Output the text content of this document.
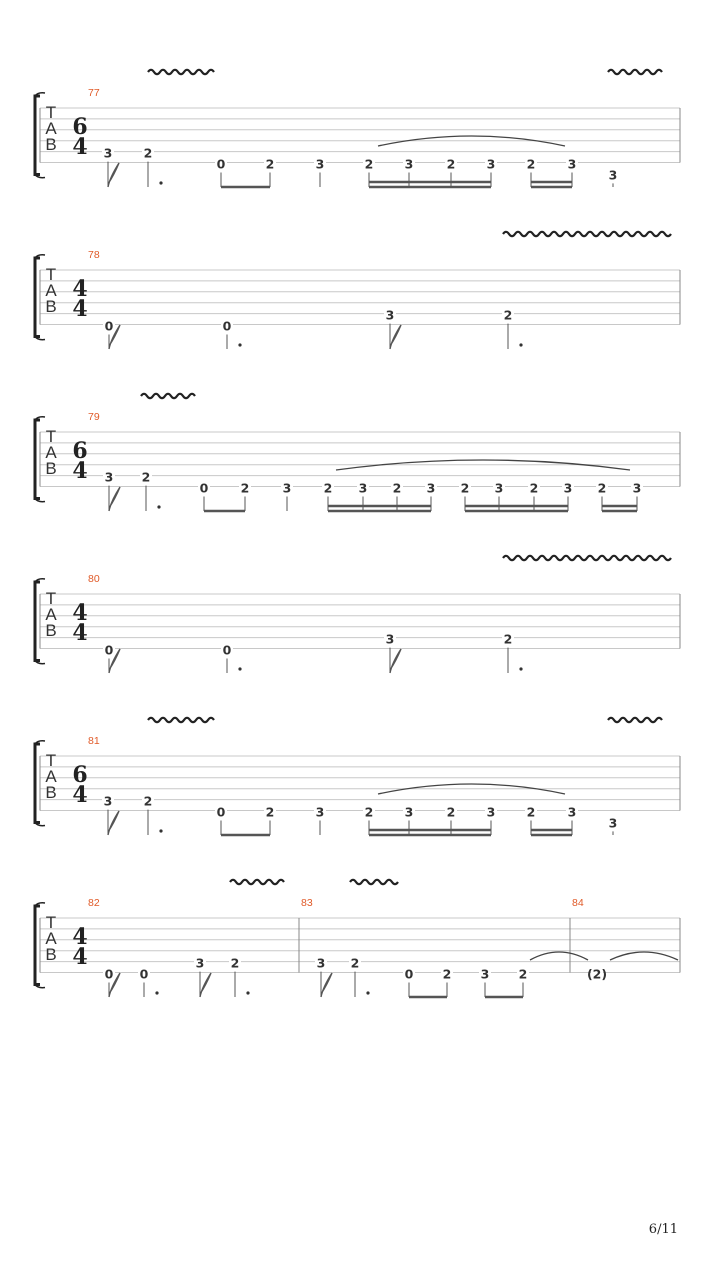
T
A
B
77
6
4 3	2
0	2	3	2	3	2	3	2	3
3
T
A
B
78
4
4
0	0
3	2
T
A
B
79
6
4 3 2
0	2	3	2 3 2 3 2 3 2 3 2 3
T
A
B
80
4
4
0	0
3	2
T
A
B
81
6
4 3	2
0	2	3	2	3	2	3	2	3
3
T
A
B
82
4
4
0 0
3 2
83
3 2
0 2 3 2
84
(2)
6/11
